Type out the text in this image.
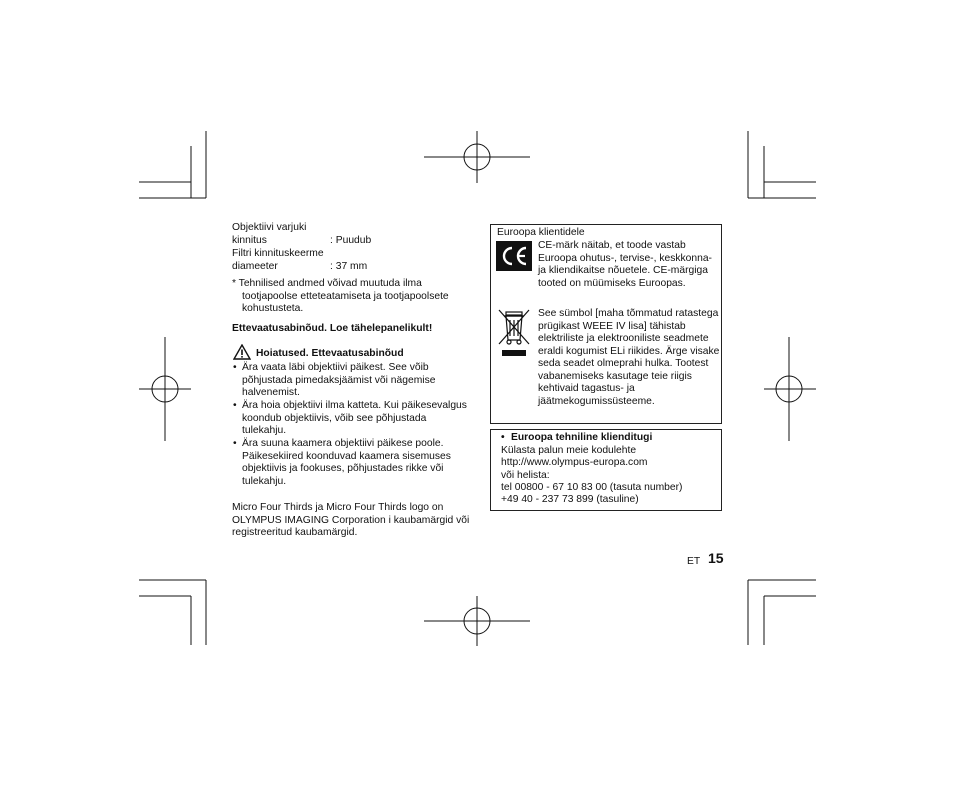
Objektiivi varjuki
kinnitus	: Puudub
Filtri kinnituskeerme
diameeter	: 37 mm
* Tehnilised andmed võivad muutuda ilma tootjapoolse etteteatamiseta ja tootjapoolsete kohustusteta.
Ettevaatusabinõud. Loe tähelepanelikult!
Hoiatused. Ettevaatusabinõud
• Ära vaata läbi objektiivi päikest. See võib põhjustada pimedaksjäämist või nägemise halvenemist.
• Ära hoia objektiivi ilma katteta. Kui päikesevalgus koondub objektiivis, võib see põhjustada tulekahju.
• Ära suuna kaamera objektiivi päikese poole. Päikesekiired koonduvad kaamera sisemuses objektiivis ja fookuses, põhjustades rikke või tulekahju.
Micro Four Thirds ja Micro Four Thirds logo on OLYMPUS IMAGING Corporation i kaubamärgid või registreeritud kaubamärgid.
Euroopa klientidele
CE-märk näitab, et toode vastab Euroopa ohutus-, tervise-, keskkonna- ja kliendikaitse nõuetele. CE-märgiga tooted on müümiseks Euroopas.
See sümbol [maha tõmmatud ratastega prügikast WEEE IV lisa] tähistab elektriliste ja elektrooniliste seadmete eraldi kogumist ELi riikides. Ärge visake seda seadet olmeprahi hulka. Tootest vabanemiseks kasutage teie riigis kehtivaid tagastus- ja jäätmekogumissüsteeme.
• Euroopa tehniline klienditugi
Külasta palun meie kodulehte
http://www.olympus-europa.com
või helista:
tel 00800 - 67 10 83 00 (tasuta number)
+49 40 - 237 73 899 (tasuline)
ET 15
